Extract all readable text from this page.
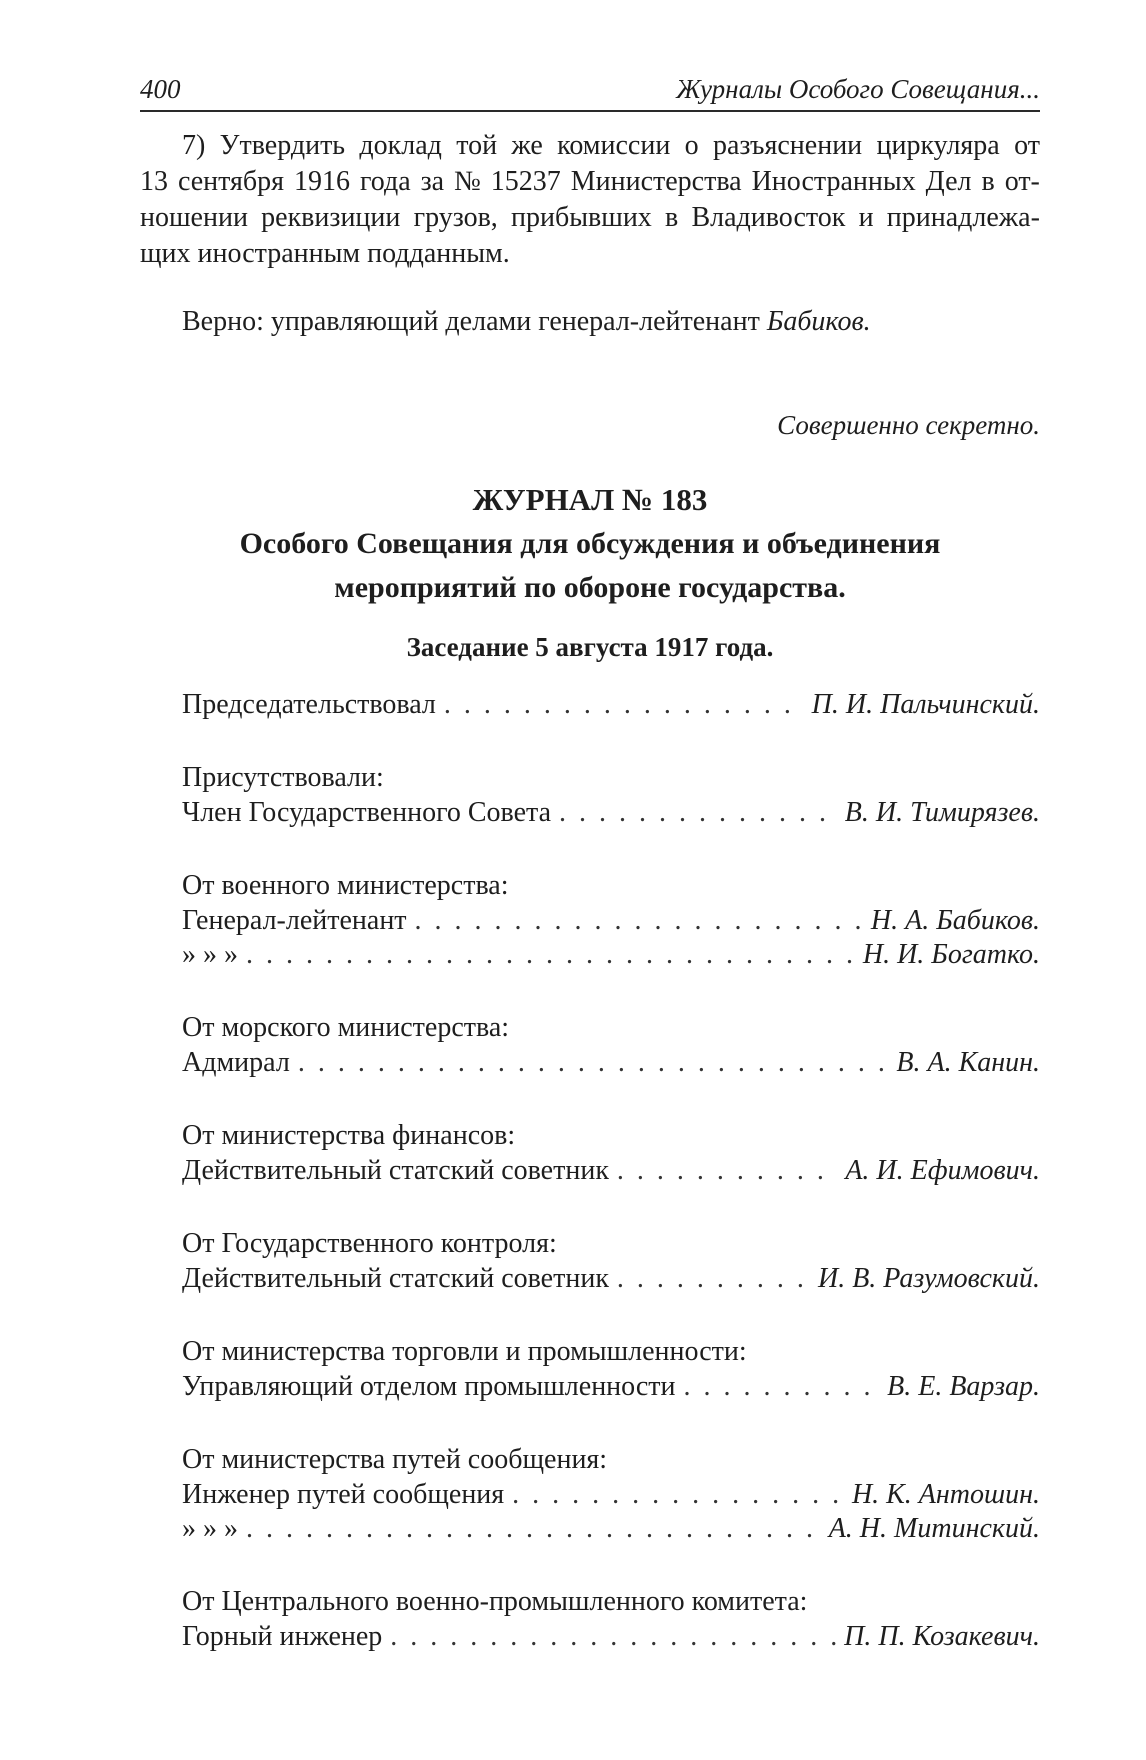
400	Журналы Особого Совещания...
7) Утвердить доклад той же комиссии о разъяснении циркуляра от
13 сентября 1916 года за № 15237 Министерства Иностранных Дел в от-
ношении реквизиции грузов, прибывших в Владивосток и принадлежа-
щих иностранным подданным.
Верно: управляющий делами генерал-лейтенант Бабиков.
Совершенно секретно.
ЖУРНАЛ № 183
Особого Совещания для обсуждения и объединения
мероприятий по обороне государства.
Заседание 5 августа 1917 года.
Председательствовал . . .	П. И. Пальчинский.
Присутствовали:
Член Государственного Совета . . .	В. И. Тимирязев.
От военного министерства:
Генерал-лейтенант . . .	Н. А. Бабиков.
» » » . . .	Н. И. Богатко.
От морского министерства:
Адмирал . . .	В. А. Канин.
От министерства финансов:
Действительный статский советник . . .	А. И. Ефимович.
От Государственного контроля:
Действительный статский советник . . .	И. В. Разумовский.
От министерства торговли и промышленности:
Управляющий отделом промышленности . . .	В. Е. Варзар.
От министерства путей сообщения:
Инженер путей сообщения . . .	Н. К. Антошин.
» » » . . .	А. Н. Митинский.
От Центрального военно-промышленного комитета:
Горный инженер . . .	П. П. Козакевич.
